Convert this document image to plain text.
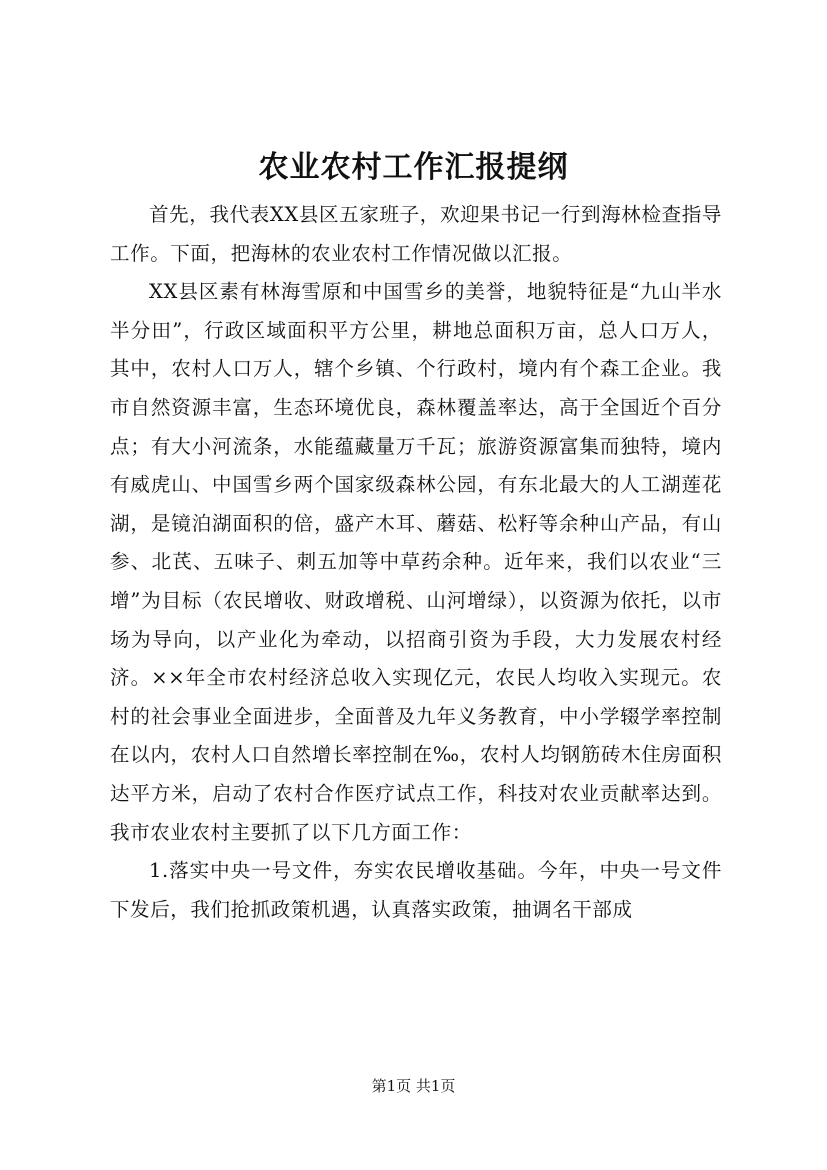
农业农村工作汇报提纲

首先，我代表XX县区五家班子，欢迎果书记一行到海林检查指导工作。下面，把海林的农业农村工作情况做以汇报。

XX县区素有林海雪原和中国雪乡的美誉，地貌特征是“九山半水半分田”，行政区域面积平方公里，耕地总面积万亩，总人口万人，其中，农村人口万人，辖个乡镇、个行政村，境内有个森工企业。我市自然资源丰富，生态环境优良，森林覆盖率达，高于全国近个百分点；有大小河流条，水能蕴藏量万千瓦；旅游资源富集而独特，境内有威虎山、中国雪乡两个国家级森林公园，有东北最大的人工湖莲花湖，是镜泊湖面积的倍，盛产木耳、蘑菇、松籽等余种山产品，有山参、北芪、五味子、刺五加等中草药余种。近年来，我们以农业“三增”为目标（农民增收、财政增税、山河增绿），以资源为依托，以市场为导向，以产业化为牵动，以招商引资为手段，大力发展农村经济。××年全市农村经济总收入实现亿元，农民人均收入实现元。农村的社会事业全面进步，全面普及九年义务教育，中小学辍学率控制在以内，农村人口自然增长率控制在‰，农村人均钢筋砖木住房面积达平方米，启动了农村合作医疗试点工作，科技对农业贡献率达到。我市农业农村主要抓了以下几方面工作：

1.落实中央一号文件，夯实农民增收基础。今年，中央一号文件下发后，我们抢抓政策机遇，认真落实政策，抽调名干部成

第1页 共1页
